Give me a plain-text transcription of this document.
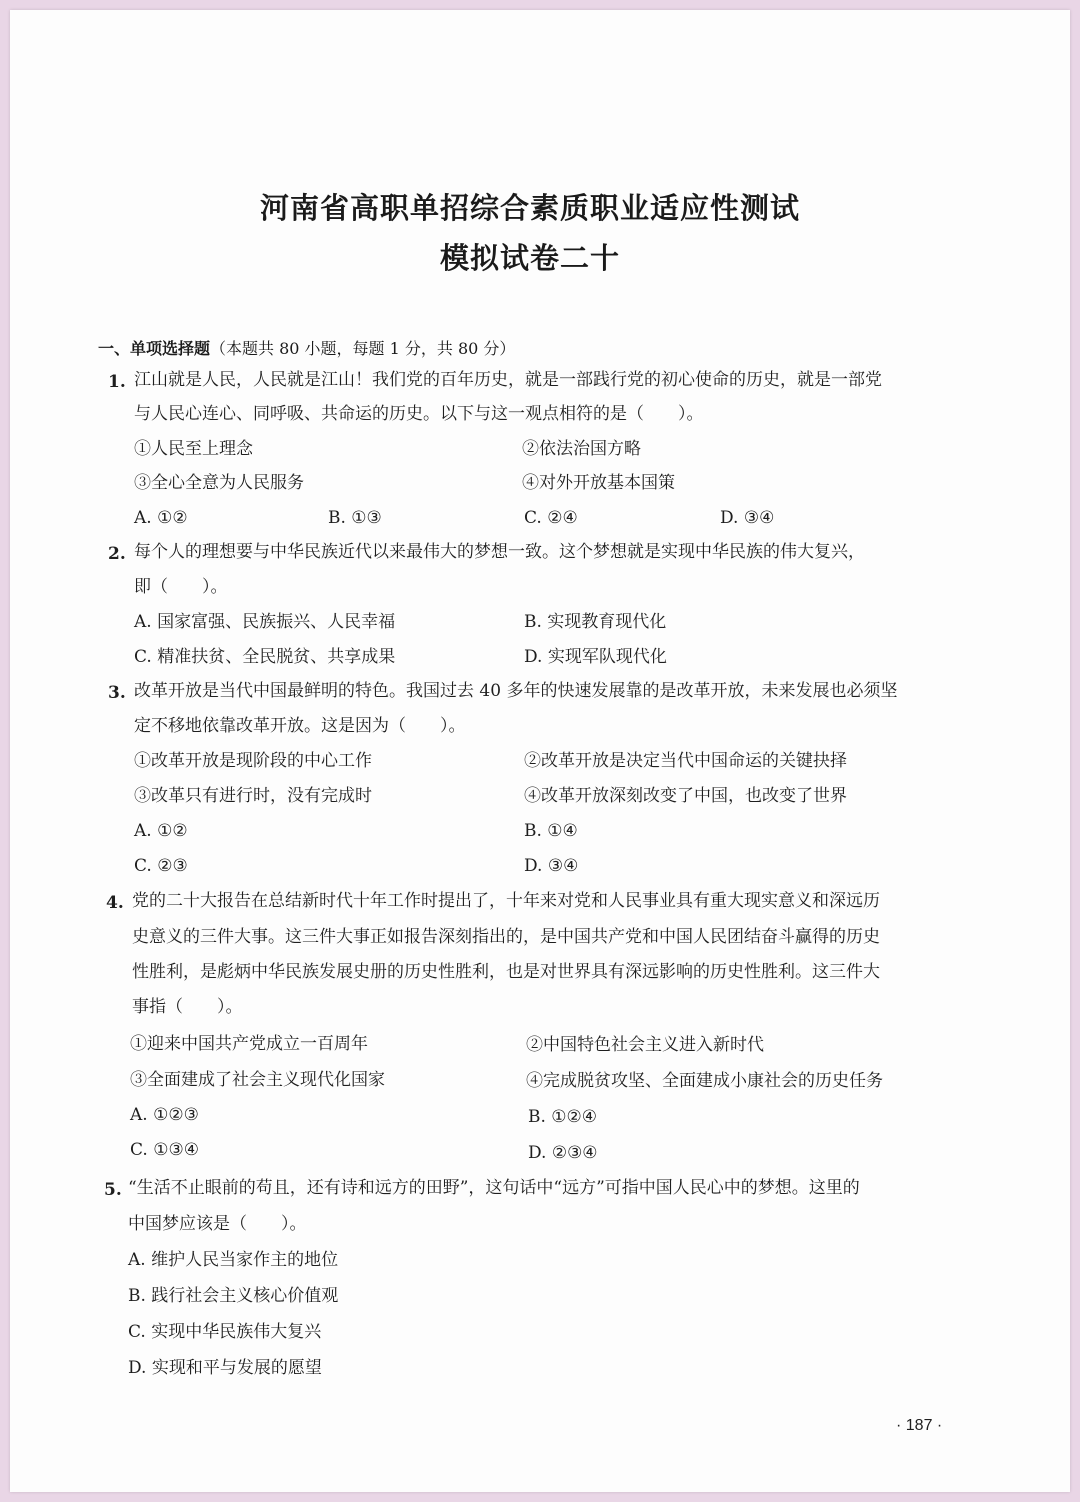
河南省高职单招综合素质职业适应性测试
模拟试卷二十
一、单项选择题（本题共 80 小题，每题 1 分，共 80 分）
1. 江山就是人民，人民就是江山！我们党的百年历史，就是一部践行党的初心使命的历史，就是一部党
与人民心连心、同呼吸、共命运的历史。以下与这一观点相符的是（　　）。
①人民至上理念	②依法治国方略
③全心全意为人民服务	④对外开放基本国策
A. ①②	B. ①③	C. ②④	D. ③④
2. 每个人的理想要与中华民族近代以来最伟大的梦想一致。这个梦想就是实现中华民族的伟大复兴，
即（　　）。
A. 国家富强、民族振兴、人民幸福	B. 实现教育现代化
C. 精准扶贫、全民脱贫、共享成果	D. 实现军队现代化
3. 改革开放是当代中国最鲜明的特色。我国过去 40 多年的快速发展靠的是改革开放，未来发展也必须坚
定不移地依靠改革开放。这是因为（　　）。
①改革开放是现阶段的中心工作	②改革开放是决定当代中国命运的关键抉择
③改革只有进行时，没有完成时	④改革开放深刻改变了中国，也改变了世界
A. ①②	B. ①④
C. ②③	D. ③④
4. 党的二十大报告在总结新时代十年工作时提出了，十年来对党和人民事业具有重大现实意义和深远历
史意义的三件大事。这三件大事正如报告深刻指出的，是中国共产党和中国人民团结奋斗赢得的历史
性胜利，是彪炳中华民族发展史册的历史性胜利，也是对世界具有深远影响的历史性胜利。这三件大
事指（　　）。
①迎来中国共产党成立一百周年	②中国特色社会主义进入新时代
③全面建成了社会主义现代化国家	④完成脱贫攻坚、全面建成小康社会的历史任务
A. ①②③	B. ①②④
C. ①③④	D. ②③④
5. “生活不止眼前的苟且，还有诗和远方的田野”，这句话中“远方”可指中国人民心中的梦想。这里的
中国梦应该是（　　）。
A. 维护人民当家作主的地位
B. 践行社会主义核心价值观
C. 实现中华民族伟大复兴
D. 实现和平与发展的愿望
· 187 ·
